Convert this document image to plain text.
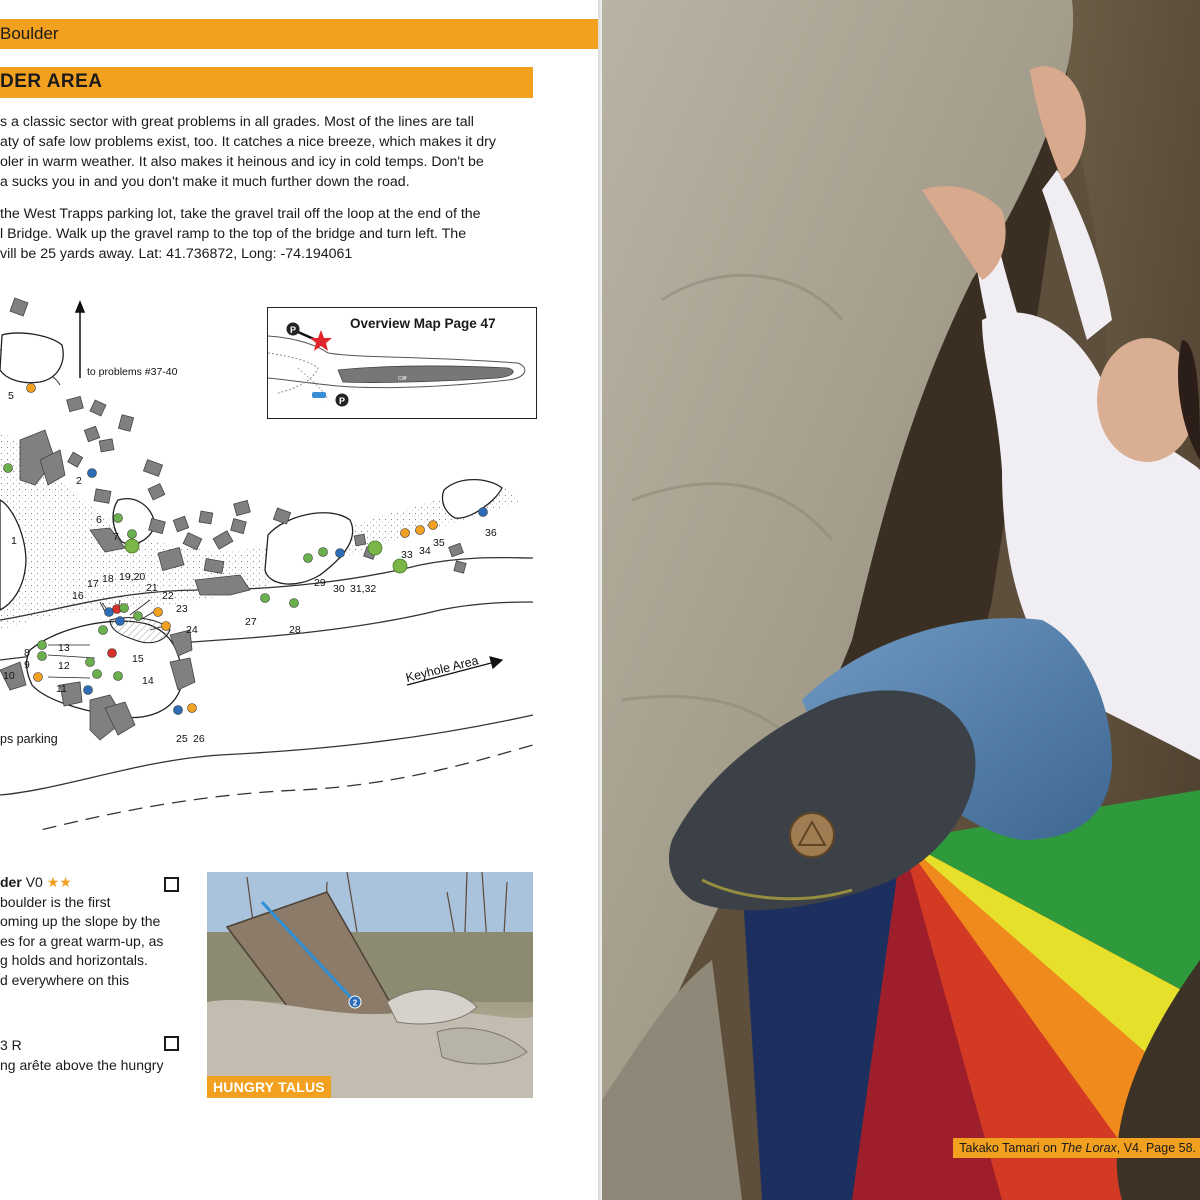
Boulder
DER AREA

s a classic sector with great problems in all grades. Most of the lines are tall
aty of safe low problems exist, too. It catches a nice breeze, which makes it dry
oler in warm weather. It also makes it heinous and icy in cold temps. Don't be
a sucks you in and you don't make it much further down the road.

the West Trapps parking lot, take the gravel trail off the loop at the end of the
l Bridge. Walk up the gravel ramp to the top of the bridge and turn left. The
vill be 25 yards away. Lat: 41.736872, Long: -74.194061

to problems #37-40
Keyhole Area
ps parking
1
2
5
6
7
8
9
10
11
12
13
14
15
16
17 18 19,20
21
22
23
24
25 26
27
28
29 30 31,32
33 34
35
36
P
P
Cliff
Overview Map Page 47
der V0 ★★
boulder is the first
oming up the slope by the
es for a great warm-up, as
g holds and horizontals.
d everywhere on this
3 R
ng arête above the hungry
2
HUNGRY TALUS
Takako Tamari on The Lorax, V4. Page 58.
